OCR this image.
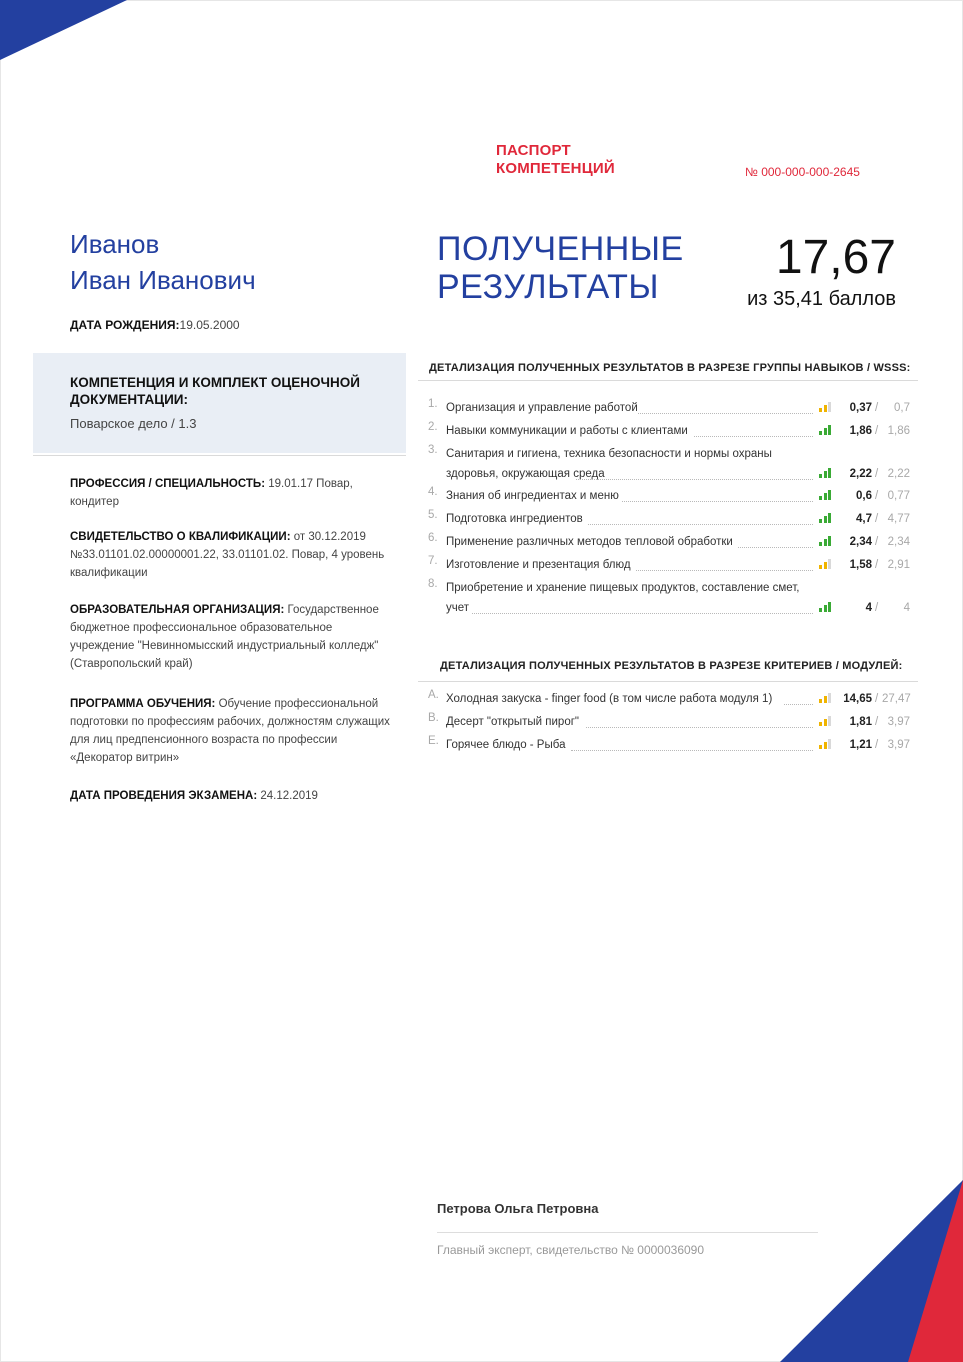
ПАСПОРТ
КОМПЕТЕНЦИЙ	№ 000-000-000-2645
Иванов
Иван Иванович
ДАТА РОЖДЕНИЯ:19.05.2000
КОМПЕТЕНЦИЯ И КОМПЛЕКТ ОЦЕНОЧНОЙ ДОКУМЕНТАЦИИ:
Поварское дело / 1.3
ПРОФЕССИЯ / СПЕЦИАЛЬНОСТЬ: 19.01.17 Повар, кондитер
СВИДЕТЕЛЬСТВО О КВАЛИФИКАЦИИ: от 30.12.2019 №33.01101.02.00000001.22, 33.01101.02. Повар, 4 уровень квалификации
ОБРАЗОВАТЕЛЬНАЯ ОРГАНИЗАЦИЯ: Государственное бюджетное профессиональное образовательное учреждение "Невинномысский индустриальный колледж" (Ставропольский край)
ПРОГРАММА ОБУЧЕНИЯ: Обучение профессиональной подготовки по профессиям рабочих, должностям служащих для лиц предпенсионного возраста по профессии «Декоратор витрин»
ДАТА ПРОВЕДЕНИЯ ЭКЗАМЕНА: 24.12.2019
ПОЛУЧЕННЫЕ
РЕЗУЛЬТАТЫ
17,67
из 35,41 баллов
ДЕТАЛИЗАЦИЯ ПОЛУЧЕННЫХ РЕЗУЛЬТАТОВ В РАЗРЕЗЕ ГРУППЫ НАВЫКОВ / WSSS:
1. Организация и управление работой	0,37 /	0,7
2. Навыки коммуникации и работы с клиентами	1,86 / 1,86
3. Санитария и гигиена, техника безопасности и нормы охраны здоровья, окружающая среда	2,22 / 2,22
4. Знания об ингредиентах и меню	0,6 / 0,77
5. Подготовка ингредиентов	4,7 / 4,77
6. Применение различных методов тепловой обработки	2,34 / 2,34
7. Изготовление и презентация блюд	1,58 / 2,91
8. Приобретение и хранение пищевых продуктов, составление смет, учет	4 /	4
ДЕТАЛИЗАЦИЯ ПОЛУЧЕННЫХ РЕЗУЛЬТАТОВ В РАЗРЕЗЕ КРИТЕРИЕВ / МОДУЛЕЙ:
A. Холодная закуска - finger food (в том числе работа модуля 1)	14,65 / 27,47
B. Десерт "открытый пирог"	1,81 / 3,97
E. Горячее блюдо - Рыба	1,21 / 3,97
Петрова Ольга Петровна
Главный эксперт, свидетельство № 0000036090
